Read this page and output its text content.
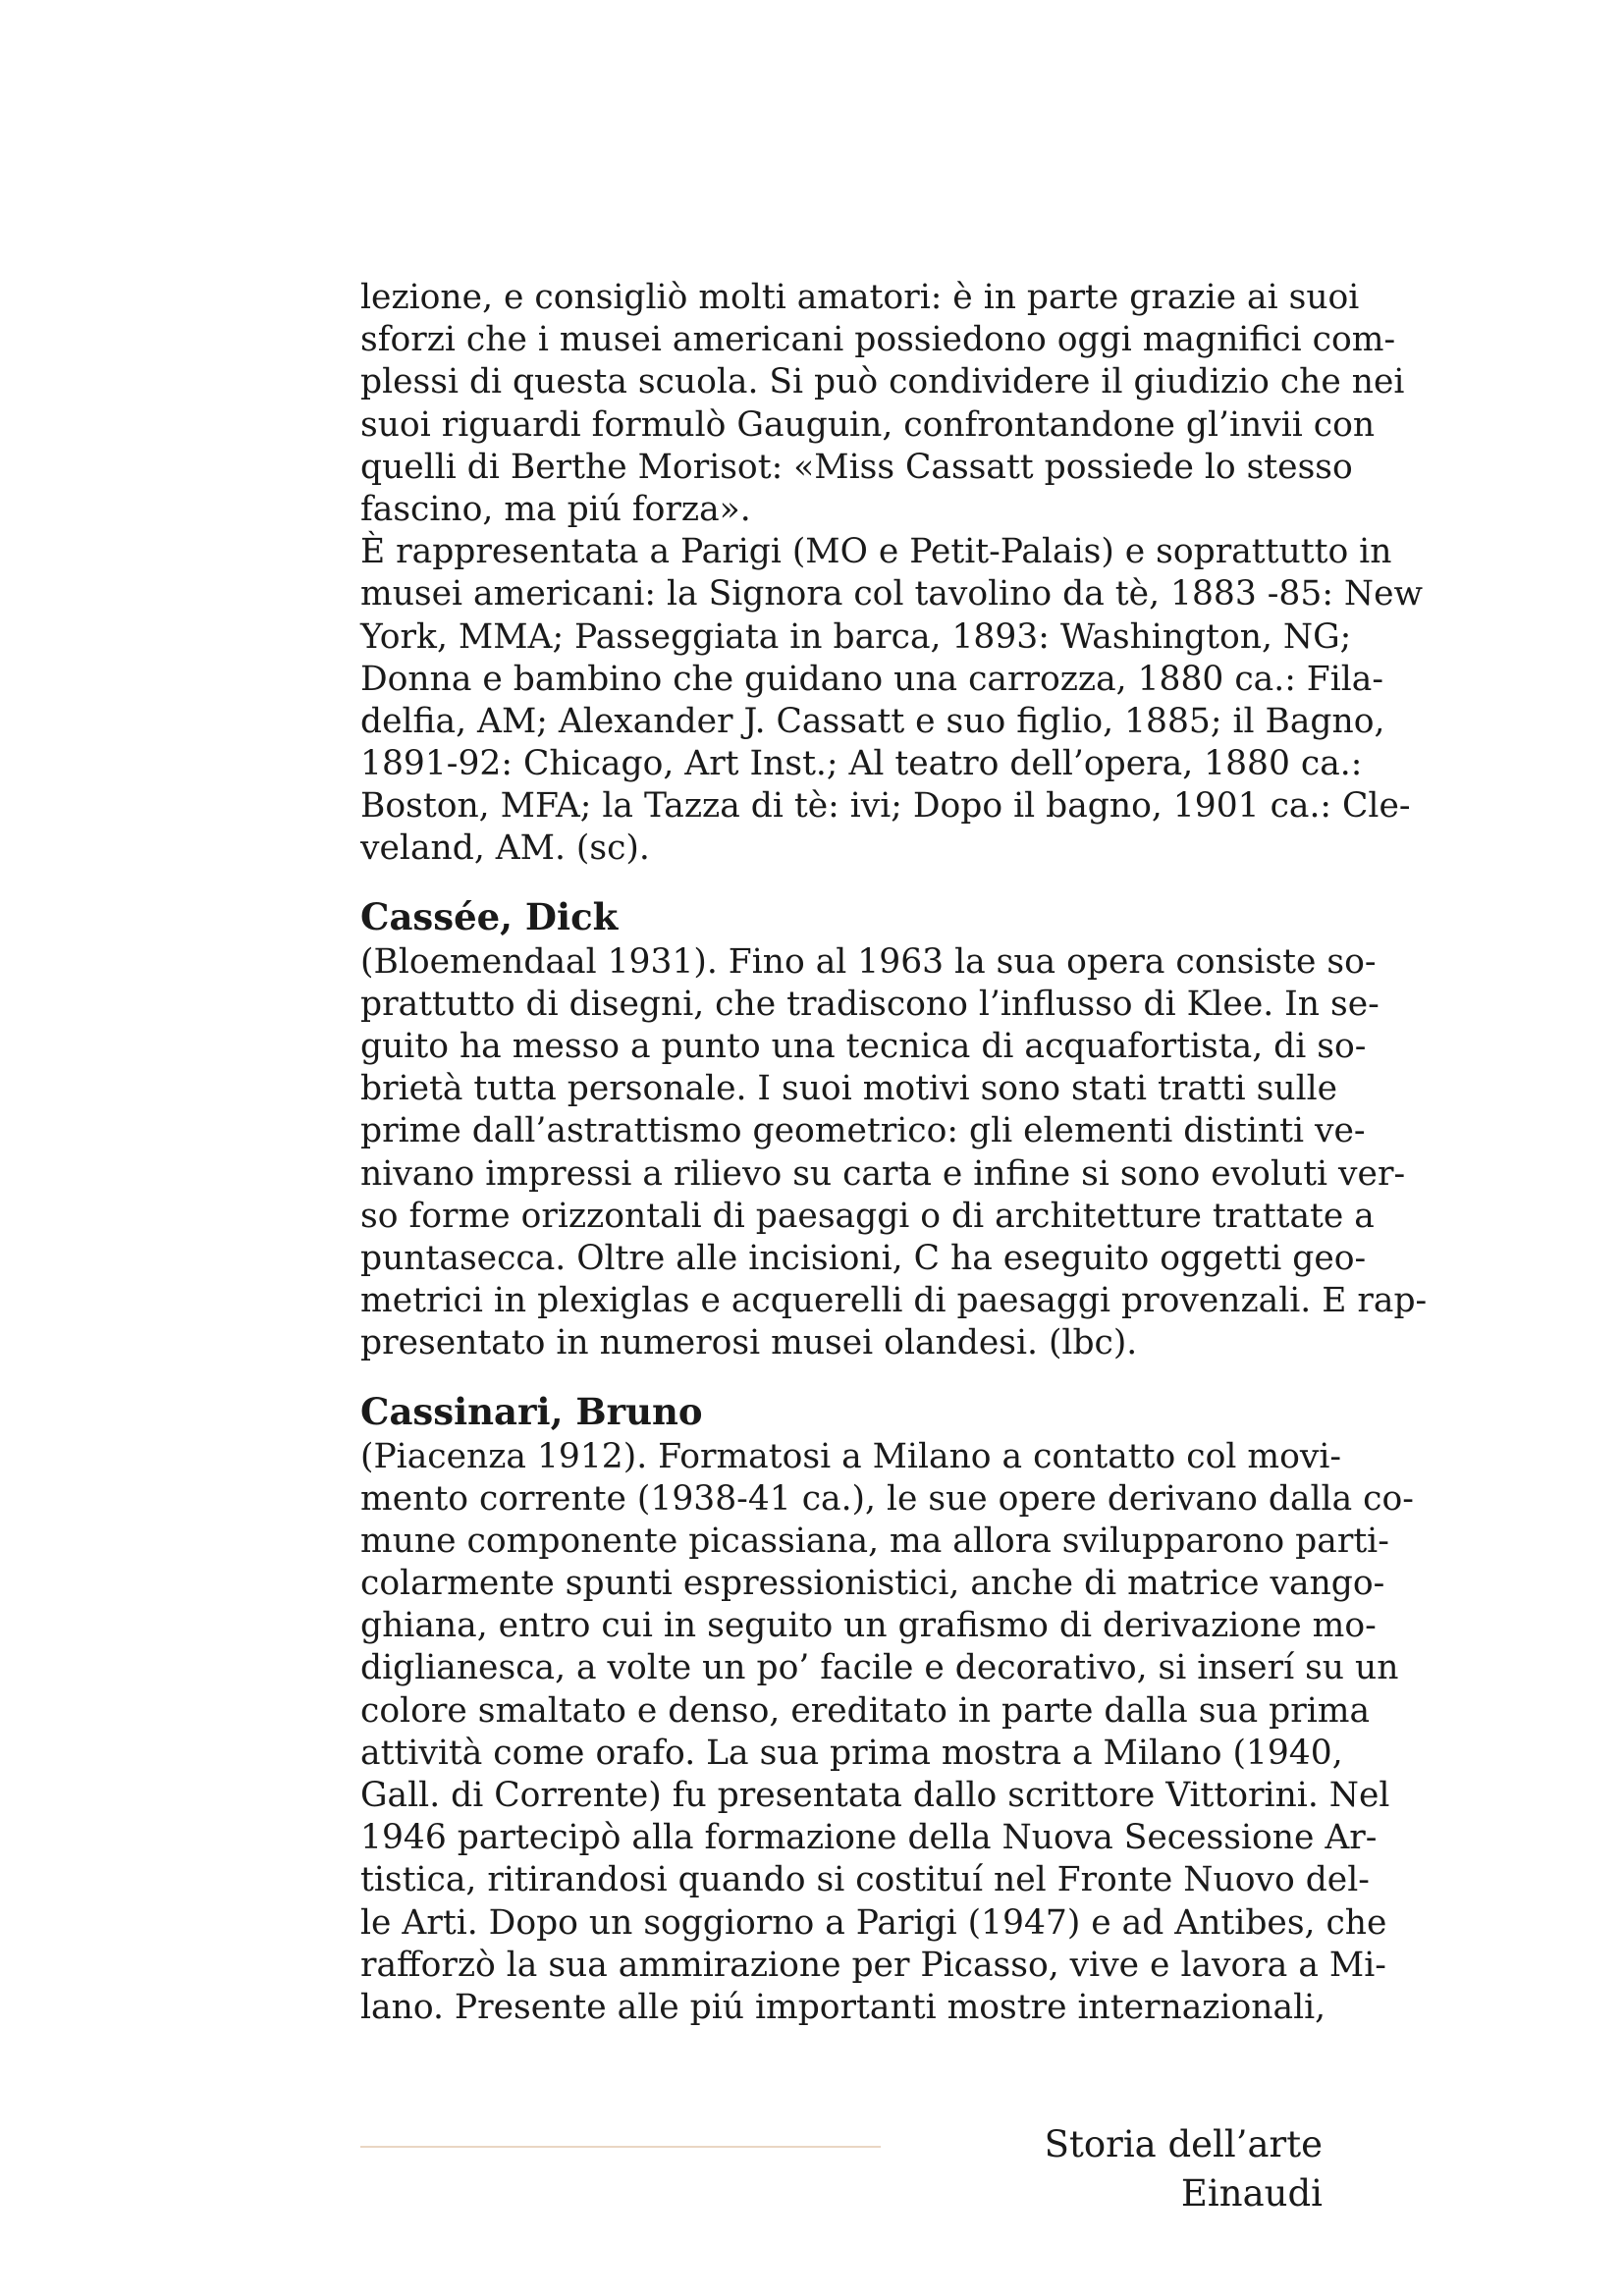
lezione, e consigliò molti amatori: è in parte grazie ai suoi
sforzi che i musei americani possiedono oggi magnifici com-
plessi di questa scuola. Si può condividere il giudizio che nei
suoi riguardi formulò Gauguin, confrontandone gl’invii con
quelli di Berthe Morisot: «Miss Cassatt possiede lo stesso
fascino, ma piú forza».
È rappresentata a Parigi (MO e Petit-Palais) e soprattutto in
musei americani: la Signora col tavolino da tè, 1883 -85: New
York, MMA; Passeggiata in barca, 1893: Washington, NG;
Donna e bambino che guidano una carrozza, 1880 ca.: Fila-
delfia, AM; Alexander J. Cassatt e suo figlio, 1885; il Bagno,
1891-92: Chicago, Art Inst.; Al teatro dell’opera, 1880 ca.:
Boston, MFA; la Tazza di tè: ivi; Dopo il bagno, 1901 ca.: Cle-
veland, AM. (sc).
Cassée, Dick
(Bloemendaal 1931). Fino al 1963 la sua opera consiste so-
prattutto di disegni, che tradiscono l’influsso di Klee. In se-
guito ha messo a punto una tecnica di acquafortista, di so-
brietà tutta personale. I suoi motivi sono stati tratti sulle
prime dall’astrattismo geometrico: gli elementi distinti ve-
nivano impressi a rilievo su carta e infine si sono evoluti ver-
so forme orizzontali di paesaggi o di architetture trattate a
puntasecca. Oltre alle incisioni, C ha eseguito oggetti geo-
metrici in plexiglas e acquerelli di paesaggi provenzali. E rap-
presentato in numerosi musei olandesi. (lbc).
Cassinari, Bruno
(Piacenza 1912). Formatosi a Milano a contatto col movi-
mento corrente (1938-41 ca.), le sue opere derivano dalla co-
mune componente picassiana, ma allora svilupparono parti-
colarmente spunti espressionistici, anche di matrice vango-
ghiana, entro cui in seguito un grafismo di derivazione mo-
diglianesca, a volte un po’ facile e decorativo, si inserí su un
colore smaltato e denso, ereditato in parte dalla sua prima
attività come orafo. La sua prima mostra a Milano (1940,
Gall. di Corrente) fu presentata dallo scrittore Vittorini. Nel
1946 partecipò alla formazione della Nuova Secessione Ar-
tistica, ritirandosi quando si costituí nel Fronte Nuovo del-
le Arti. Dopo un soggiorno a Parigi (1947) e ad Antibes, che
rafforzò la sua ammirazione per Picasso, vive e lavora a Mi-
lano. Presente alle piú importanti mostre internazionali,
Storia dell’arte Einaudi
